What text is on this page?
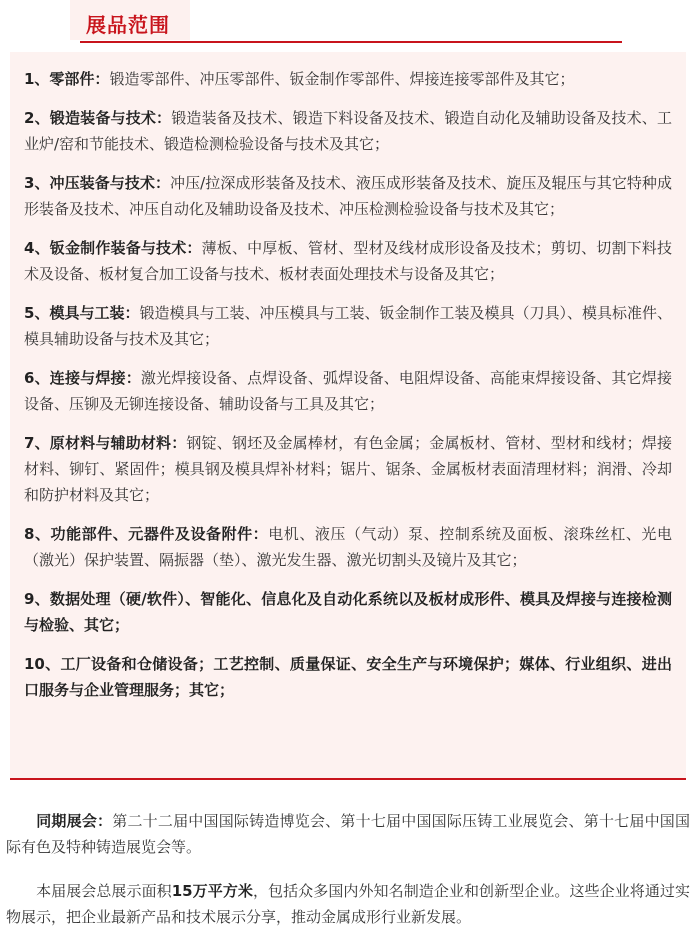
展品范围
1、零部件：锻造零部件、冲压零部件、钣金制作零部件、焊接连接零部件及其它；
2、锻造装备与技术：锻造装备及技术、锻造下料设备及技术、锻造自动化及辅助设备及技术、工业炉/窑和节能技术、锻造检测检验设备与技术及其它；
3、冲压装备与技术：冲压/拉深成形装备及技术、液压成形装备及技术、旋压及辊压与其它特种成形装备及技术、冲压自动化及辅助设备及技术、冲压检测检验设备与技术及其它；
4、钣金制作装备与技术：薄板、中厚板、管材、型材及线材成形设备及技术；剪切、切割下料技术及设备、板材复合加工设备与技术、板材表面处理技术与设备及其它；
5、模具与工装：锻造模具与工装、冲压模具与工装、钣金制作工装及模具（刀具）、模具标准件、模具辅助设备与技术及其它；
6、连接与焊接：激光焊接设备、点焊设备、弧焊设备、电阻焊设备、高能束焊接设备、其它焊接设备、压铆及无铆连接设备、辅助设备与工具及其它；
7、原材料与辅助材料：钢锭、钢坯及金属棒材，有色金属；金属板材、管材、型材和线材；焊接材料、铆钉、紧固件；模具钢及模具焊补材料；锯片、锯条、金属板材表面清理材料；润滑、冷却和防护材料及其它；
8、功能部件、元器件及设备附件：电机、液压（气动）泵、控制系统及面板、滚珠丝杠、光电（激光）保护装置、隔振器（垫）、激光发生器、激光切割头及镜片及其它；
9、数据处理（硬/软件）、智能化、信息化及自动化系统以及板材成形件、模具及焊接与连接检测与检验、其它；
10、工厂设备和仓储设备；工艺控制、质量保证、安全生产与环境保护；媒体、行业组织、进出口服务与企业管理服务；其它；

同期展会：第二十二届中国国际铸造博览会、第十七届中国国际压铸工业展览会、第十七届中国国际有色及特种铸造展览会等。

本届展会总展示面积15万平方米，包括众多国内外知名制造企业和创新型企业。这些企业将通过实物展示，把企业最新产品和技术展示分享，推动金属成形行业新发展。
